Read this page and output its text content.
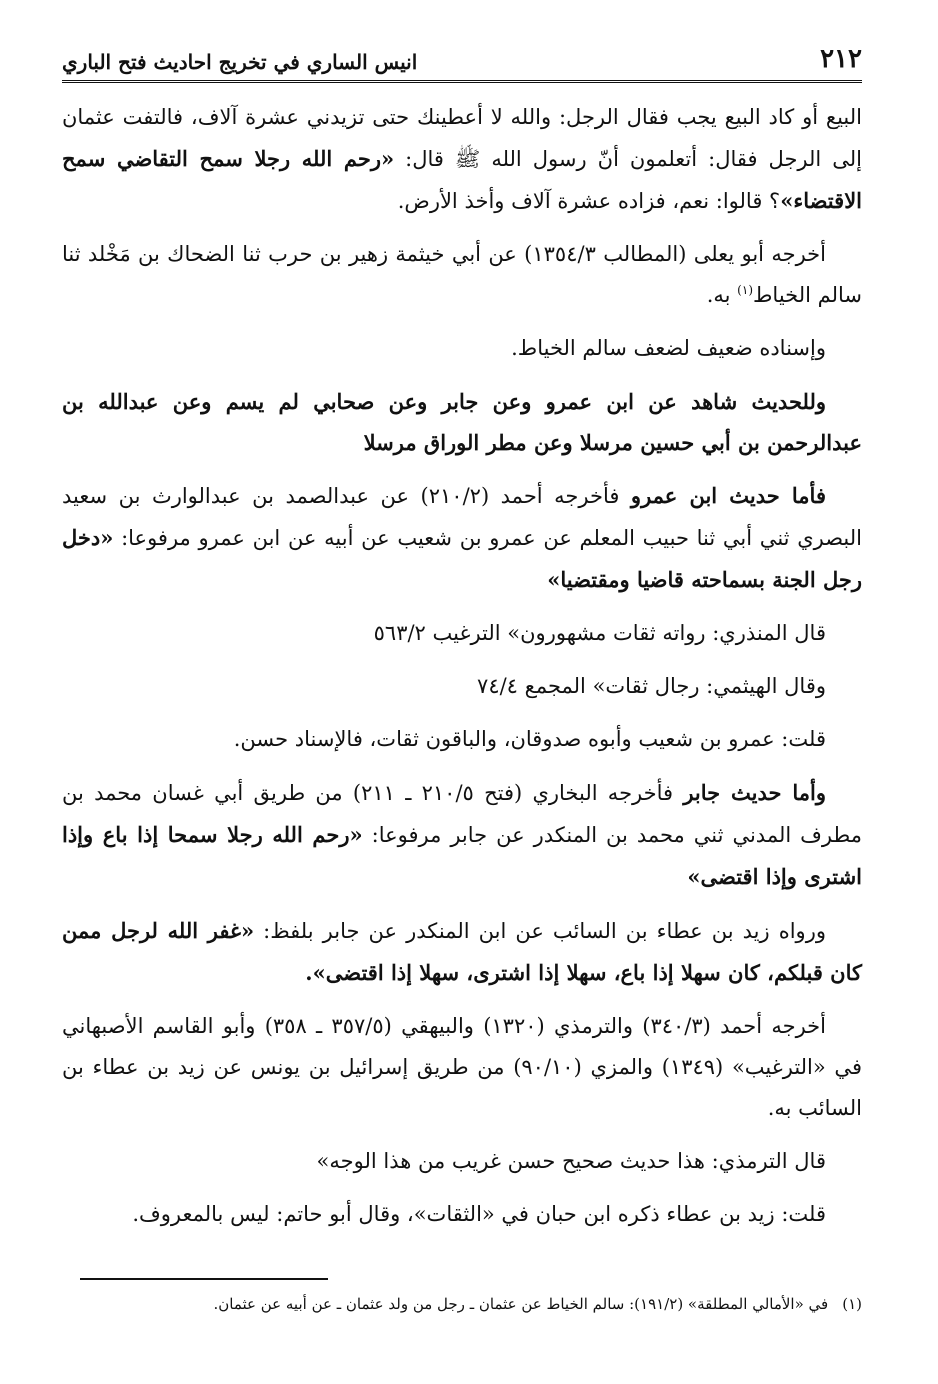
٢١٢
انيس الساري في تخريج احاديث فتح الباري

البيع أو كاد البيع يجب فقال الرجل: والله لا أعطينك حتى تزيدني عشرة آلاف، فالتفت عثمان إلى الرجل فقال: أتعلمون أنّ رسول الله ﷺ قال: «رحم الله رجلا سمح التقاضي سمح الاقتضاء»؟ قالوا: نعم، فزاده عشرة آلاف وأخذ الأرض.

أخرجه أبو يعلى (المطالب ١٣٥٤/٣) عن أبي خيثمة زهير بن حرب ثنا الضحاك بن مَخْلد ثنا سالم الخياط$^{(١)}$ به.

وإسناده ضعيف لضعف سالم الخياط.

وللحديث شاهد عن ابن عمرو وعن جابر وعن صحابي لم يسم وعن عبدالله بن عبدالرحمن بن أبي حسين مرسلا وعن مطر الوراق مرسلا

فأما حديث ابن عمرو فأخرجه أحمد (٢١٠/٢) عن عبدالصمد بن عبدالوارث بن سعيد البصري ثني أبي ثنا حبيب المعلم عن عمرو بن شعيب عن أبيه عن ابن عمرو مرفوعا: «دخل رجل الجنة بسماحته قاضيا ومقتضيا»

قال المنذري: رواته ثقات مشهورون» الترغيب ٥٦٣/٢

وقال الهيثمي: رجال ثقات» المجمع ٧٤/٤

قلت: عمرو بن شعيب وأبوه صدوقان، والباقون ثقات، فالإسناد حسن.

وأما حديث جابر فأخرجه البخاري (فتح ٢١٠/٥ ـ ٢١١) من طريق أبي غسان محمد بن مطرف المدني ثني محمد بن المنكدر عن جابر مرفوعا: «رحم الله رجلا سمحا إذا باع وإذا اشترى وإذا اقتضى»

ورواه زيد بن عطاء بن السائب عن ابن المنكدر عن جابر بلفظ: «غفر الله لرجل ممن كان قبلكم، كان سهلا إذا باع، سهلا إذا اشترى، سهلا إذا اقتضى».

أخرجه أحمد (٣٤٠/٣) والترمذي (١٣٢٠) والبيهقي (٣٥٧/٥ ـ ٣٥٨) وأبو القاسم الأصبهاني في «الترغيب» (١٣٤٩) والمزي (٩٠/١٠) من طريق إسرائيل بن يونس عن زيد بن عطاء بن السائب به.

قال الترمذي: هذا حديث صحيح حسن غريب من هذا الوجه»

قلت: زيد بن عطاء ذكره ابن حبان في «الثقات»، وقال أبو حاتم: ليس بالمعروف.

(١)في «الأمالي المطلقة» (١٩١/٢): سالم الخياط عن عثمان ـ رجل من ولد عثمان ـ عن أبيه عن عثمان.
